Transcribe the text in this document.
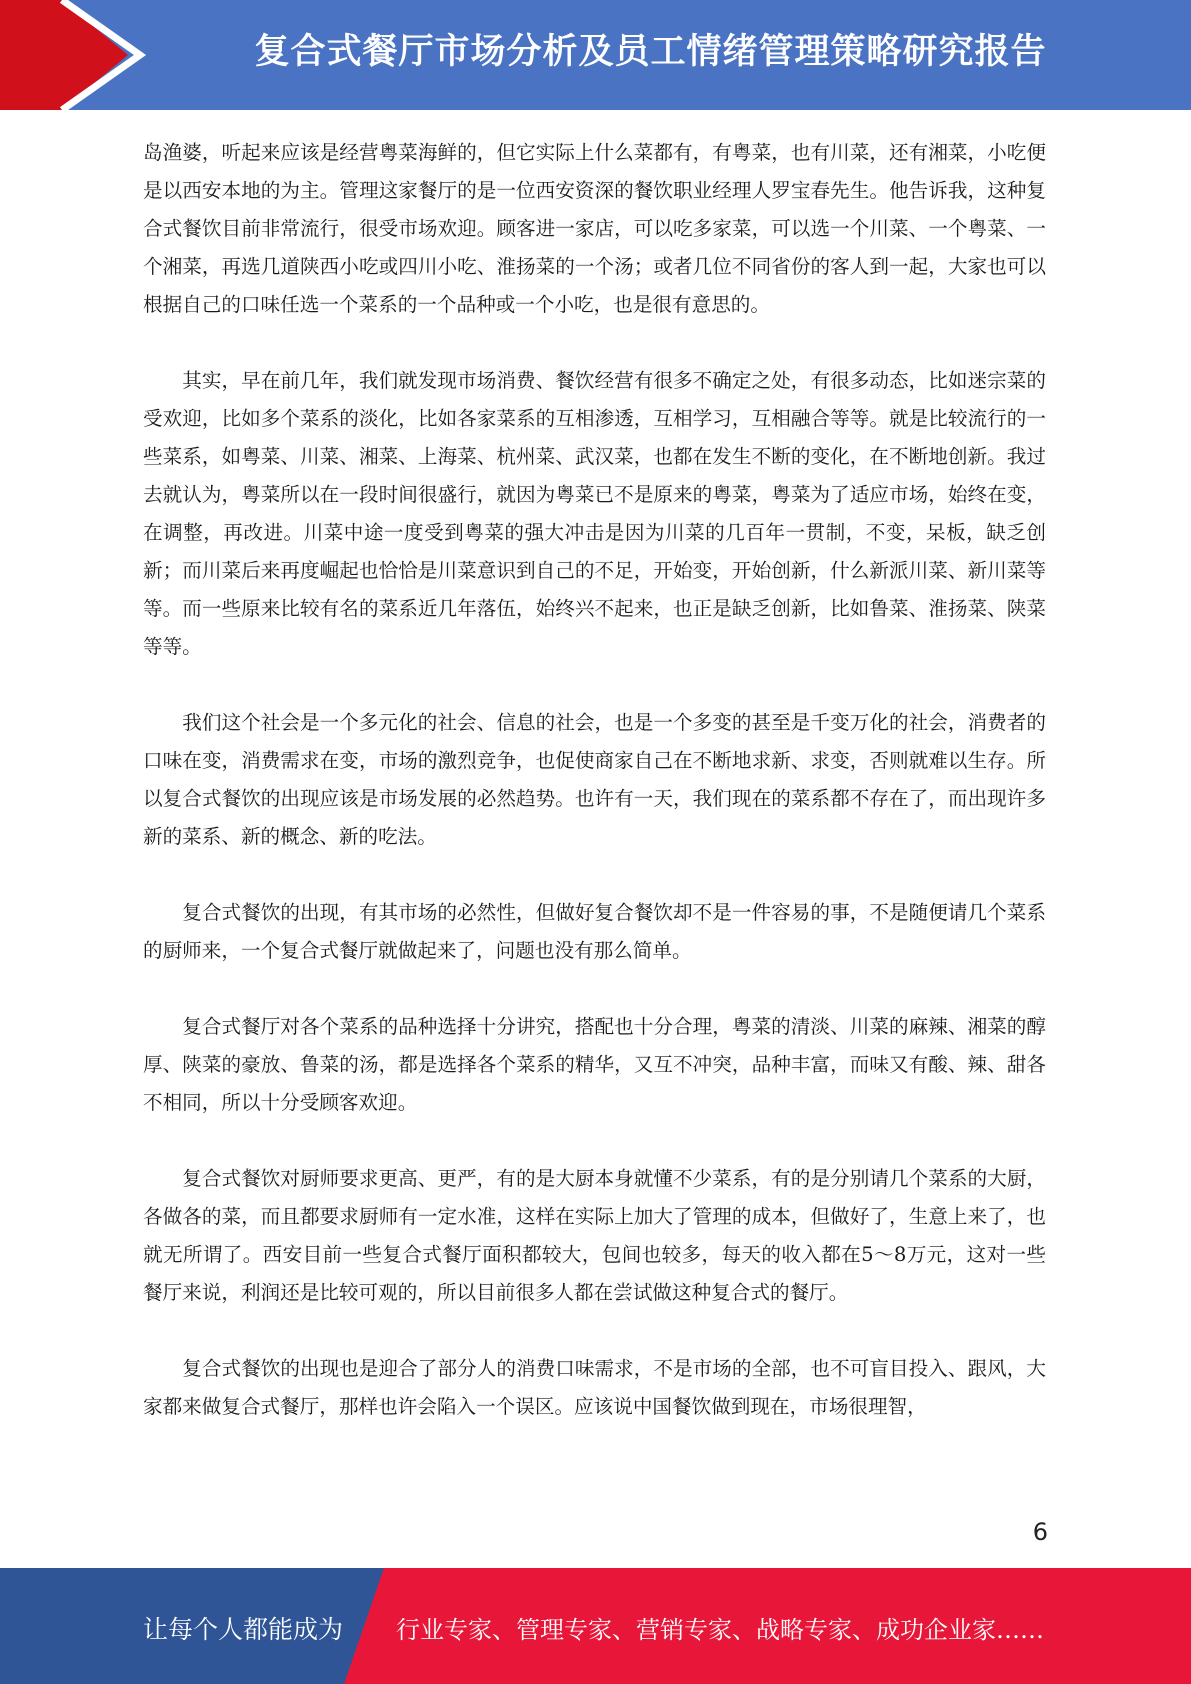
复合式餐厅市场分析及员工情绪管理策略研究报告

岛渔婆，听起来应该是经营粤菜海鲜的，但它实际上什么菜都有，有粤菜，也有川菜，还有湘菜，小吃便是以西安本地的为主。管理这家餐厅的是一位西安资深的餐饮职业经理人罗宝春先生。他告诉我，这种复合式餐饮目前非常流行，很受市场欢迎。顾客进一家店，可以吃多家菜，可以选一个川菜、一个粤菜、一个湘菜，再选几道陕西小吃或四川小吃、淮扬菜的一个汤；或者几位不同省份的客人到一起，大家也可以根据自己的口味任选一个菜系的一个品种或一个小吃，也是很有意思的。

其实，早在前几年，我们就发现市场消费、餐饮经营有很多不确定之处，有很多动态，比如迷宗菜的受欢迎，比如多个菜系的淡化，比如各家菜系的互相渗透，互相学习，互相融合等等。就是比较流行的一些菜系，如粤菜、川菜、湘菜、上海菜、杭州菜、武汉菜，也都在发生不断的变化，在不断地创新。我过去就认为，粤菜所以在一段时间很盛行，就因为粤菜已不是原来的粤菜，粤菜为了适应市场，始终在变，在调整，再改进。川菜中途一度受到粤菜的强大冲击是因为川菜的几百年一贯制，不变，呆板，缺乏创新；而川菜后来再度崛起也恰恰是川菜意识到自己的不足，开始变，开始创新，什么新派川菜、新川菜等等。而一些原来比较有名的菜系近几年落伍，始终兴不起来，也正是缺乏创新，比如鲁菜、淮扬菜、陕菜等等。

我们这个社会是一个多元化的社会、信息的社会，也是一个多变的甚至是千变万化的社会，消费者的口味在变，消费需求在变，市场的激烈竞争，也促使商家自己在不断地求新、求变，否则就难以生存。所以复合式餐饮的出现应该是市场发展的必然趋势。也许有一天，我们现在的菜系都不存在了，而出现许多新的菜系、新的概念、新的吃法。

复合式餐饮的出现，有其市场的必然性，但做好复合餐饮却不是一件容易的事，不是随便请几个菜系的厨师来，一个复合式餐厅就做起来了，问题也没有那么简单。

复合式餐厅对各个菜系的品种选择十分讲究，搭配也十分合理，粤菜的清淡、川菜的麻辣、湘菜的醇厚、陕菜的豪放、鲁菜的汤，都是选择各个菜系的精华，又互不冲突，品种丰富，而味又有酸、辣、甜各不相同，所以十分受顾客欢迎。

复合式餐饮对厨师要求更高、更严，有的是大厨本身就懂不少菜系，有的是分别请几个菜系的大厨，各做各的菜，而且都要求厨师有一定水准，这样在实际上加大了管理的成本，但做好了，生意上来了，也就无所谓了。西安目前一些复合式餐厅面积都较大，包间也较多，每天的收入都在5～8万元，这对一些餐厅来说，利润还是比较可观的，所以目前很多人都在尝试做这种复合式的餐厅。

复合式餐饮的出现也是迎合了部分人的消费口味需求，不是市场的全部，也不可盲目投入、跟风，大家都来做复合式餐厅，那样也许会陷入一个误区。应该说中国餐饮做到现在，市场很理智，

6
让每个人都能成为 行业专家、管理专家、营销专家、战略专家、成功企业家……
